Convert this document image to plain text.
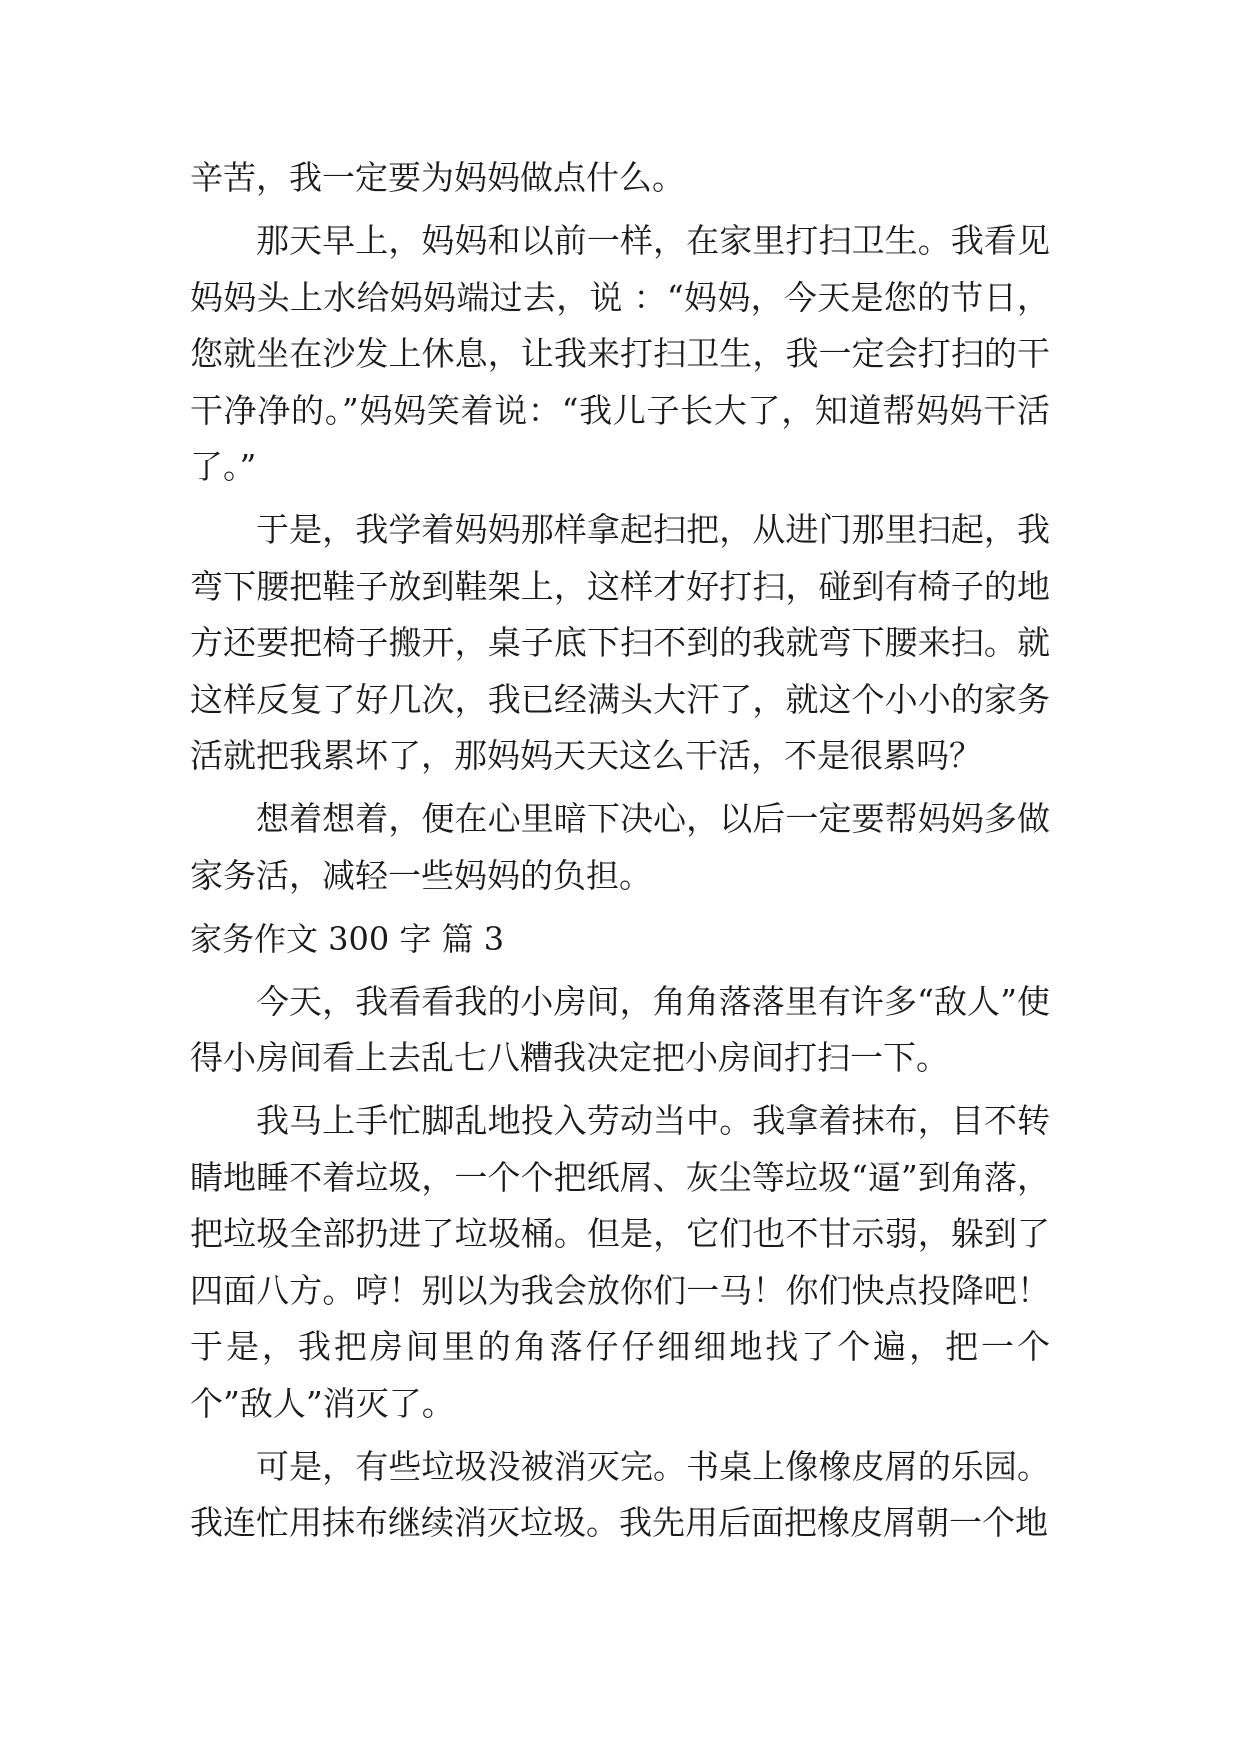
辛苦，我一定要为妈妈做点什么。

那天早上，妈妈和以前一样，在家里打扫卫生。我看见妈妈头上水给妈妈端过去，说 ：“妈妈，今天是您的节日，您就坐在沙发上休息，让我来打扫卫生，我一定会打扫的干干净净的。”妈妈笑着说：“我儿子长大了，知道帮妈妈干活了。”

于是，我学着妈妈那样拿起扫把，从进门那里扫起，我弯下腰把鞋子放到鞋架上，这样才好打扫，碰到有椅子的地方还要把椅子搬开，桌子底下扫不到的我就弯下腰来扫。就这样反复了好几次，我已经满头大汗了，就这个小小的家务活就把我累坏了，那妈妈天天这么干活，不是很累吗？

想着想着，便在心里暗下决心，以后一定要帮妈妈多做家务活，减轻一些妈妈的负担。

家务作文 300 字 篇 3

今天，我看看我的小房间，角角落落里有许多“敌人”使得小房间看上去乱七八糟我决定把小房间打扫一下。

我马上手忙脚乱地投入劳动当中。我拿着抹布，目不转睛地睡不着垃圾，一个个把纸屑、灰尘等垃圾“逼”到角落，把垃圾全部扔进了垃圾桶。但是，它们也不甘示弱，躲到了四面八方。哼！别以为我会放你们一马！你们快点投降吧！于是，我把房间里的角落仔仔细细地找了个遍，把一个个”敌人”消灭了。

可是，有些垃圾没被消灭完。书桌上像橡皮屑的乐园。我连忙用抹布继续消灭垃圾。我先用后面把橡皮屑朝一个地
